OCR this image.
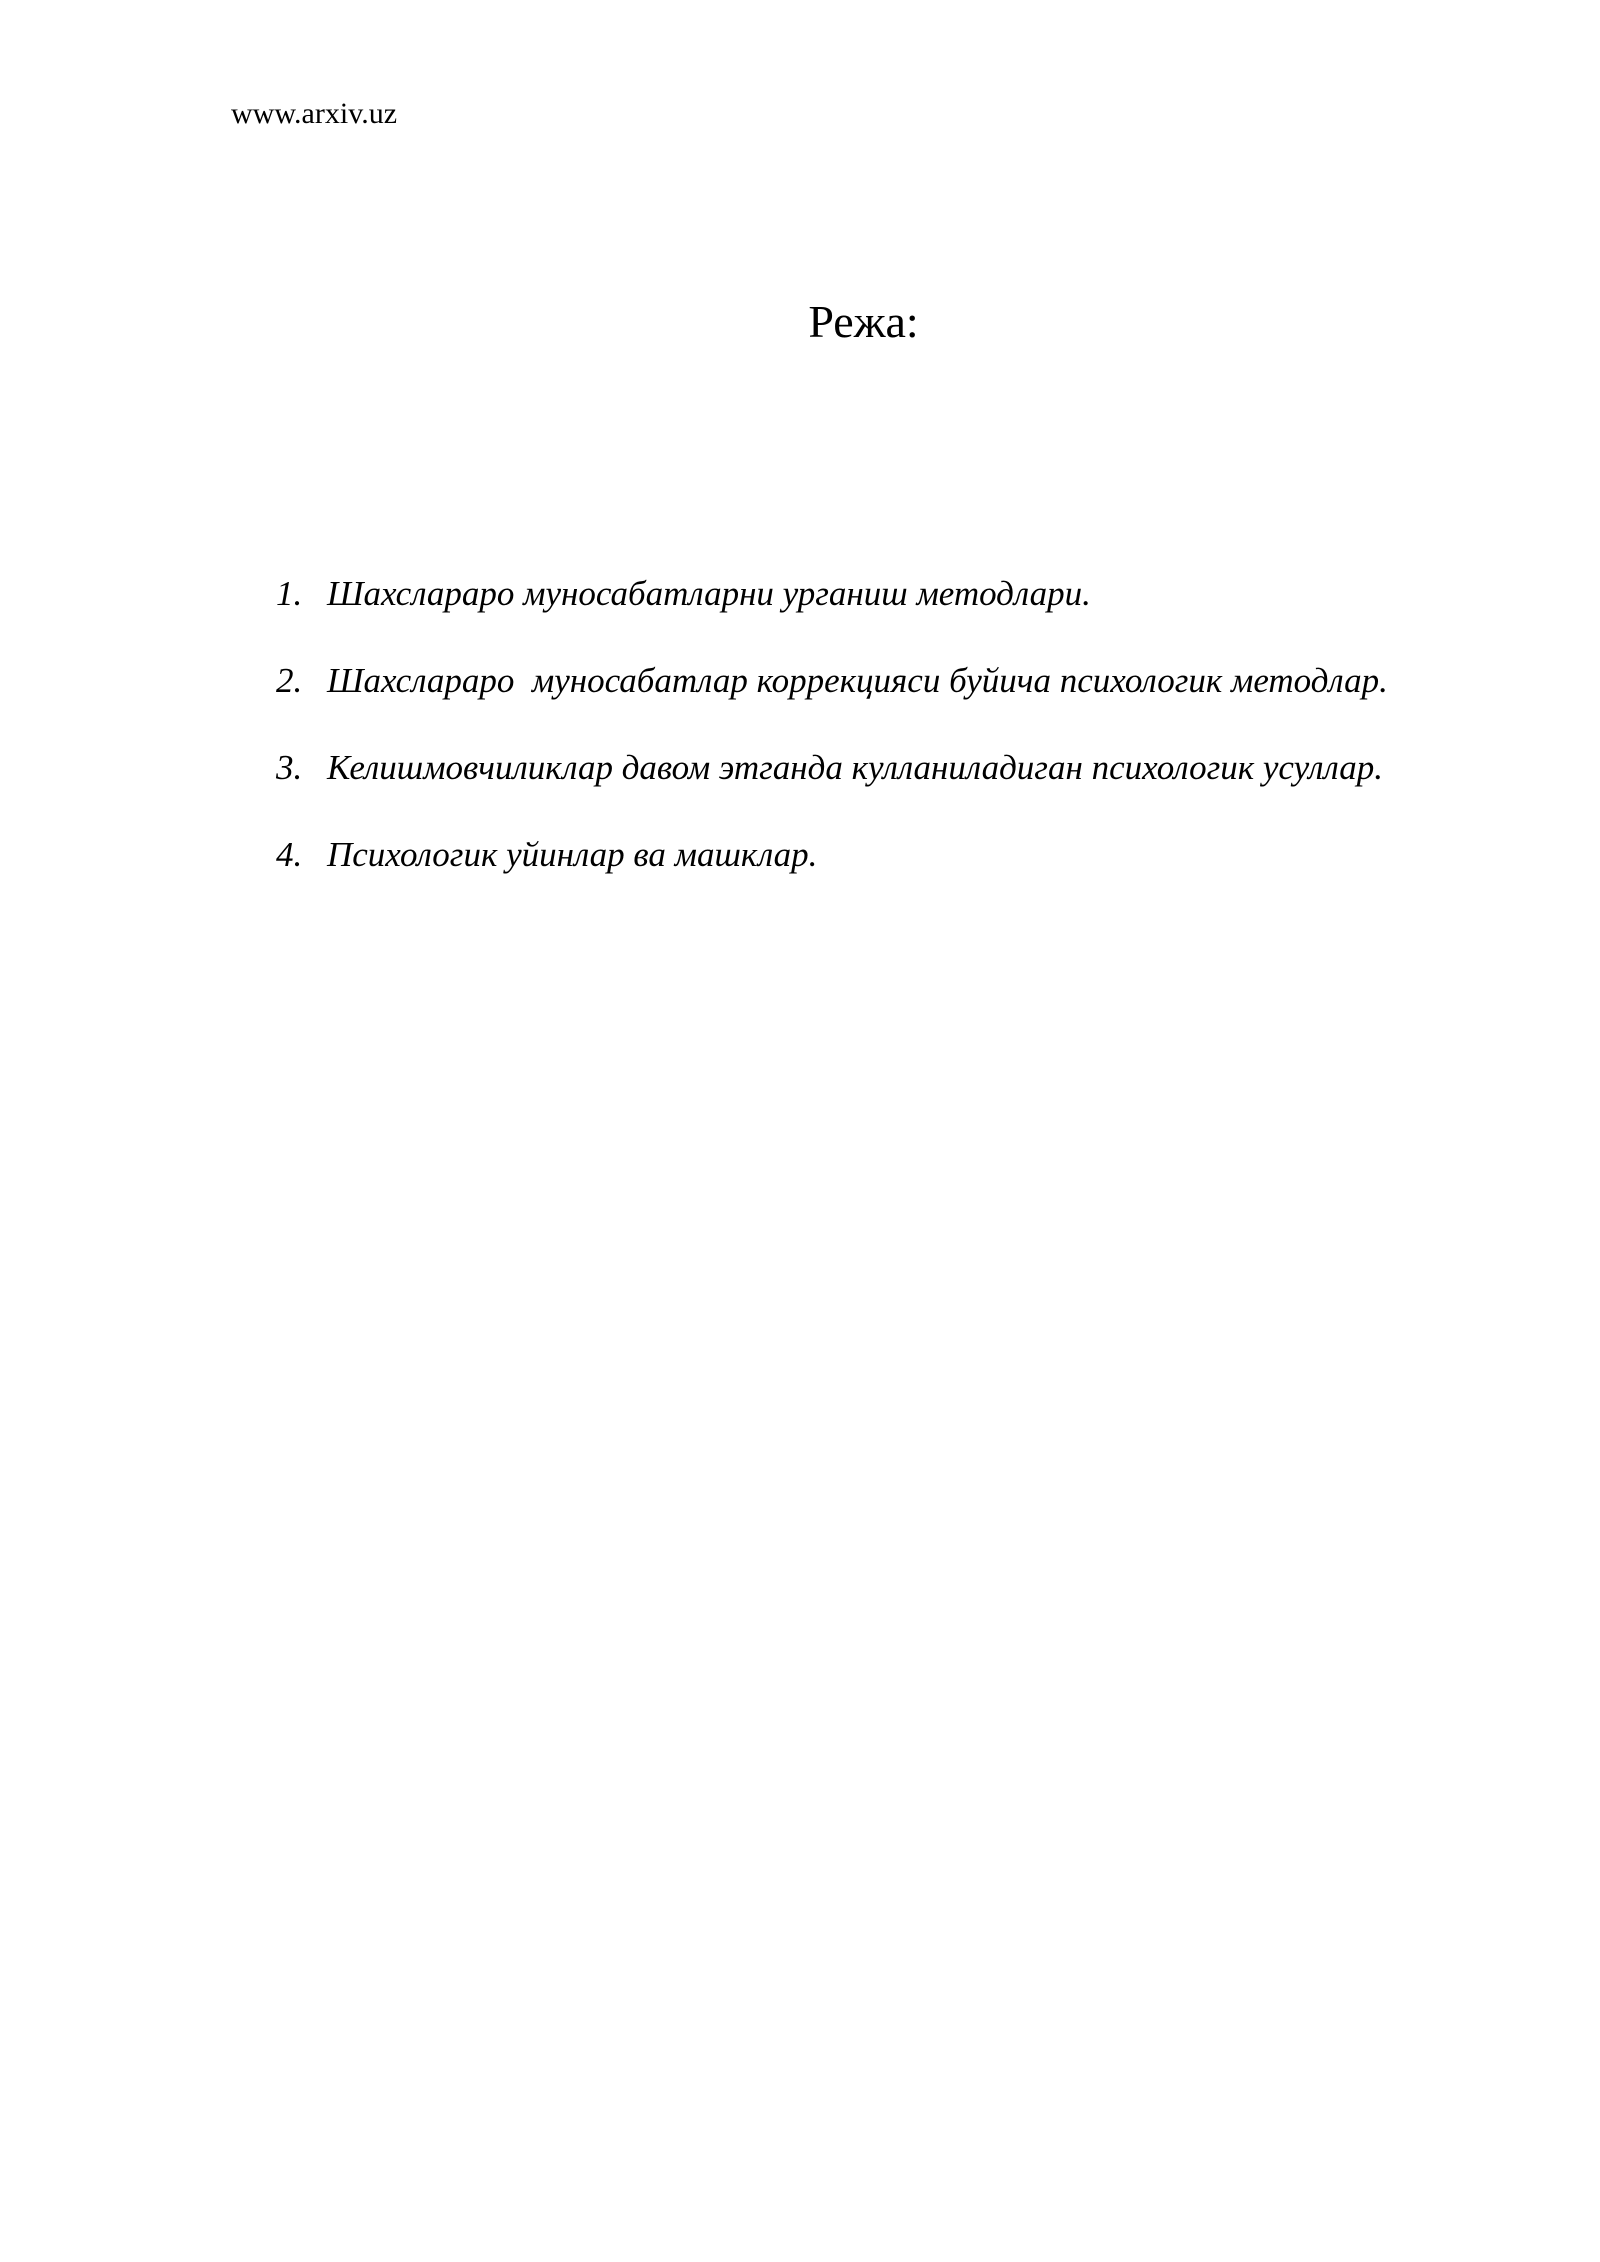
www.arxiv.uz
Режа:
1. Шахслараро муносабатларни урганиш методлари.
2. Шахслараро  муносабатлар коррекцияси буйича психологик методлар.
3. Келишмовчиликлар давом этганда кулланиладиган психологик усуллар.
4. Психологик уйинлар ва машклар.
